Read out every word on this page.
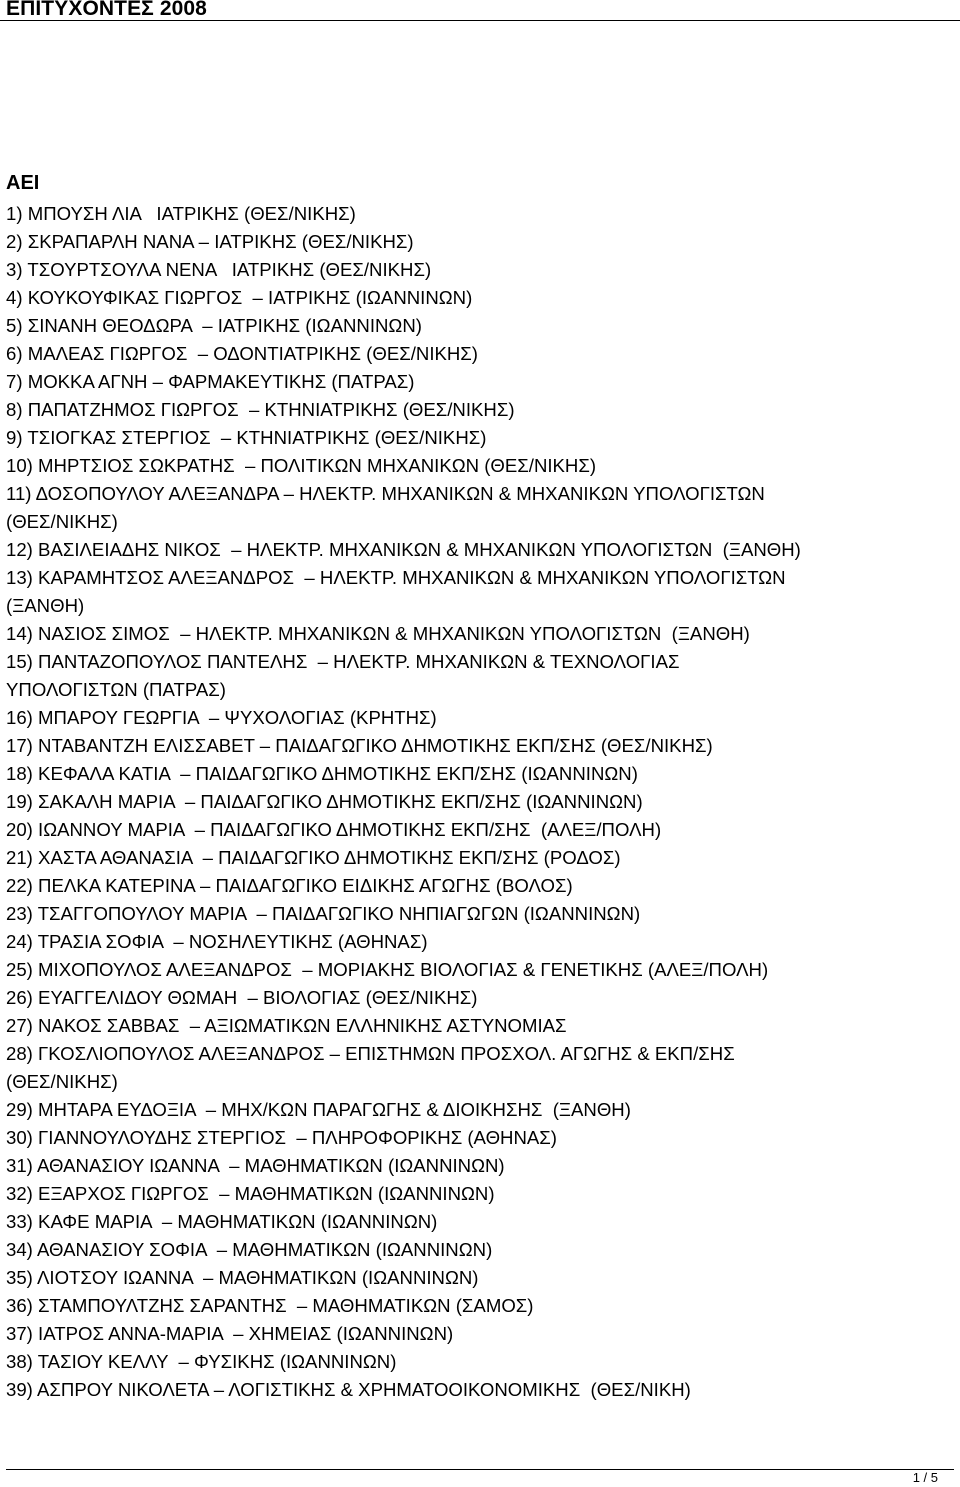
ΕΠΙΤΥΧΟΝΤΕΣ 2008
ΑΕΙ
1) ΜΠΟΥΣΗ ΛΙΑ   ΙΑΤΡΙΚΗΣ (ΘΕΣ/ΝΙΚΗΣ)
2) ΣΚΡΑΠΑΡΛΗ ΝΑΝΑ – ΙΑΤΡΙΚΗΣ (ΘΕΣ/ΝΙΚΗΣ)
3) ΤΣΟΥΡΤΣΟΥΛΑ ΝΕΝΑ   ΙΑΤΡΙΚΗΣ (ΘΕΣ/ΝΙΚΗΣ)
4) ΚΟΥΚΟΥΦΙΚΑΣ ΓΙΩΡΓΟΣ  – ΙΑΤΡΙΚΗΣ (ΙΩΑΝΝΙΝΩΝ)
5) ΣΙΝΑΝΗ ΘΕΟΔΩΡΑ  – ΙΑΤΡΙΚΗΣ (ΙΩΑΝΝΙΝΩΝ)
6) ΜΑΛΕΑΣ ΓΙΩΡΓΟΣ  – ΟΔΟΝΤΙΑΤΡΙΚΗΣ (ΘΕΣ/ΝΙΚΗΣ)
7) ΜΟΚΚΑ ΑΓΝΗ – ΦΑΡΜΑΚΕΥΤΙΚΗΣ (ΠΑΤΡΑΣ)
8) ΠΑΠΑΤΖΗΜΟΣ ΓΙΩΡΓΟΣ  – ΚΤΗΝΙΑΤΡΙΚΗΣ (ΘΕΣ/ΝΙΚΗΣ)
9) ΤΣΙΟΓΚΑΣ ΣΤΕΡΓΙΟΣ  – ΚΤΗΝΙΑΤΡΙΚΗΣ (ΘΕΣ/ΝΙΚΗΣ)
10) ΜΗΡΤΣΙΟΣ ΣΩΚΡΑΤΗΣ  – ΠΟΛΙΤΙΚΩΝ ΜΗΧΑΝΙΚΩΝ (ΘΕΣ/ΝΙΚΗΣ)
11) ΔΟΣΟΠΟΥΛΟΥ ΑΛΕΞΑΝΔΡΑ – ΗΛΕΚΤΡ. ΜΗΧΑΝΙΚΩΝ & ΜΗΧΑΝΙΚΩΝ ΥΠΟΛΟΓΙΣΤΩΝ
(ΘΕΣ/ΝΙΚΗΣ)
12) ΒΑΣΙΛΕΙΑΔΗΣ ΝΙΚΟΣ  – ΗΛΕΚΤΡ. ΜΗΧΑΝΙΚΩΝ & ΜΗΧΑΝΙΚΩΝ ΥΠΟΛΟΓΙΣΤΩΝ  (ΞΑΝΘΗ)
13) ΚΑΡΑΜΗΤΣΟΣ ΑΛΕΞΑΝΔΡΟΣ  – ΗΛΕΚΤΡ. ΜΗΧΑΝΙΚΩΝ & ΜΗΧΑΝΙΚΩΝ ΥΠΟΛΟΓΙΣΤΩΝ
(ΞΑΝΘΗ)
14) ΝΑΣΙΟΣ ΣΙΜΟΣ  – ΗΛΕΚΤΡ. ΜΗΧΑΝΙΚΩΝ & ΜΗΧΑΝΙΚΩΝ ΥΠΟΛΟΓΙΣΤΩΝ  (ΞΑΝΘΗ)
15) ΠΑΝΤΑΖΟΠΟΥΛΟΣ ΠΑΝΤΕΛΗΣ  – ΗΛΕΚΤΡ. ΜΗΧΑΝΙΚΩΝ & ΤΕΧΝΟΛΟΓΙΑΣ
ΥΠΟΛΟΓΙΣΤΩΝ (ΠΑΤΡΑΣ)
16) ΜΠΑΡΟΥ ΓΕΩΡΓΙΑ  – ΨΥΧΟΛΟΓΙΑΣ (ΚΡΗΤΗΣ)
17) ΝΤΑΒΑΝΤΖΗ ΕΛΙΣΣΑΒΕΤ – ΠΑΙΔΑΓΩΓΙΚΟ ΔΗΜΟΤΙΚΗΣ ΕΚΠ/ΣΗΣ (ΘΕΣ/ΝΙΚΗΣ)
18) ΚΕΦΑΛΑ ΚΑΤΙΑ  – ΠΑΙΔΑΓΩΓΙΚΟ ΔΗΜΟΤΙΚΗΣ ΕΚΠ/ΣΗΣ (ΙΩΑΝΝΙΝΩΝ)
19) ΣΑΚΑΛΗ ΜΑΡΙΑ  – ΠΑΙΔΑΓΩΓΙΚΟ ΔΗΜΟΤΙΚΗΣ ΕΚΠ/ΣΗΣ (ΙΩΑΝΝΙΝΩΝ)
20) ΙΩΑΝΝΟΥ ΜΑΡΙΑ  – ΠΑΙΔΑΓΩΓΙΚΟ ΔΗΜΟΤΙΚΗΣ ΕΚΠ/ΣΗΣ  (ΑΛΕΞ/ΠΟΛΗ)
21) ΧΑΣΤΑ ΑΘΑΝΑΣΙΑ  – ΠΑΙΔΑΓΩΓΙΚΟ ΔΗΜΟΤΙΚΗΣ ΕΚΠ/ΣΗΣ (ΡΟΔΟΣ)
22) ΠΕΛΚΑ ΚΑΤΕΡΙΝΑ – ΠΑΙΔΑΓΩΓΙΚΟ ΕΙΔΙΚΗΣ ΑΓΩΓΗΣ (ΒΟΛΟΣ)
23) ΤΣΑΓΓΟΠΟΥΛΟΥ ΜΑΡΙΑ  – ΠΑΙΔΑΓΩΓΙΚΟ ΝΗΠΙΑΓΩΓΩΝ (ΙΩΑΝΝΙΝΩΝ)
24) ΤΡΑΣΙΑ ΣΟΦΙΑ  – ΝΟΣΗΛΕΥΤΙΚΗΣ (ΑΘΗΝΑΣ)
25) ΜΙΧΟΠΟΥΛΟΣ ΑΛΕΞΑΝΔΡΟΣ  – ΜΟΡΙΑΚΗΣ ΒΙΟΛΟΓΙΑΣ & ΓΕΝΕΤΙΚΗΣ (ΑΛΕΞ/ΠΟΛΗ)
26) ΕΥΑΓΓΕΛΙΔΟΥ ΘΩΜΑΗ  – ΒΙΟΛΟΓΙΑΣ (ΘΕΣ/ΝΙΚΗΣ)
27) ΝΑΚΟΣ ΣΑΒΒΑΣ  – ΑΞΙΩΜΑΤΙΚΩΝ ΕΛΛΗΝΙΚΗΣ ΑΣΤΥΝΟΜΙΑΣ
28) ΓΚΟΣΛΙΟΠΟΥΛΟΣ ΑΛΕΞΑΝΔΡΟΣ – ΕΠΙΣΤΗΜΩΝ ΠΡΟΣΧΟΛ. ΑΓΩΓΗΣ & ΕΚΠ/ΣΗΣ
(ΘΕΣ/ΝΙΚΗΣ)
29) ΜΗΤΑΡΑ ΕΥΔΟΞΙΑ  – ΜΗΧ/ΚΩΝ ΠΑΡΑΓΩΓΗΣ & ΔΙΟΙΚΗΣΗΣ  (ΞΑΝΘΗ)
30) ΓΙΑΝΝΟΥΛΟΥΔΗΣ ΣΤΕΡΓΙΟΣ  – ΠΛΗΡΟΦΟΡΙΚΗΣ (ΑΘΗΝΑΣ)
31) ΑΘΑΝΑΣΙΟΥ ΙΩΑΝΝΑ  – ΜΑΘΗΜΑΤΙΚΩΝ (ΙΩΑΝΝΙΝΩΝ)
32) ΕΞΑΡΧΟΣ ΓΙΩΡΓΟΣ  – ΜΑΘΗΜΑΤΙΚΩΝ (ΙΩΑΝΝΙΝΩΝ)
33) ΚΑΦΕ ΜΑΡΙΑ  – ΜΑΘΗΜΑΤΙΚΩΝ (ΙΩΑΝΝΙΝΩΝ)
34) ΑΘΑΝΑΣΙΟΥ ΣΟΦΙΑ  – ΜΑΘΗΜΑΤΙΚΩΝ (ΙΩΑΝΝΙΝΩΝ)
35) ΛΙΟΤΣΟΥ ΙΩΑΝΝΑ  – ΜΑΘΗΜΑΤΙΚΩΝ (ΙΩΑΝΝΙΝΩΝ)
36) ΣΤΑΜΠΟΥΛΤΖΗΣ ΣΑΡΑΝΤΗΣ  – ΜΑΘΗΜΑΤΙΚΩΝ (ΣΑΜΟΣ)
37) ΙΑΤΡΟΣ ΑΝΝΑ-ΜΑΡΙΑ  – ΧΗΜΕΙΑΣ (ΙΩΑΝΝΙΝΩΝ)
38) ΤΑΣΙΟΥ ΚΕΛΛΥ  – ΦΥΣΙΚΗΣ (ΙΩΑΝΝΙΝΩΝ)
39) ΑΣΠΡΟΥ ΝΙΚΟΛΕΤΑ – ΛΟΓΙΣΤΙΚΗΣ & ΧΡΗΜΑΤΟΟΙΚΟΝΟΜΙΚΗΣ  (ΘΕΣ/ΝΙΚΗ)
1 / 5
